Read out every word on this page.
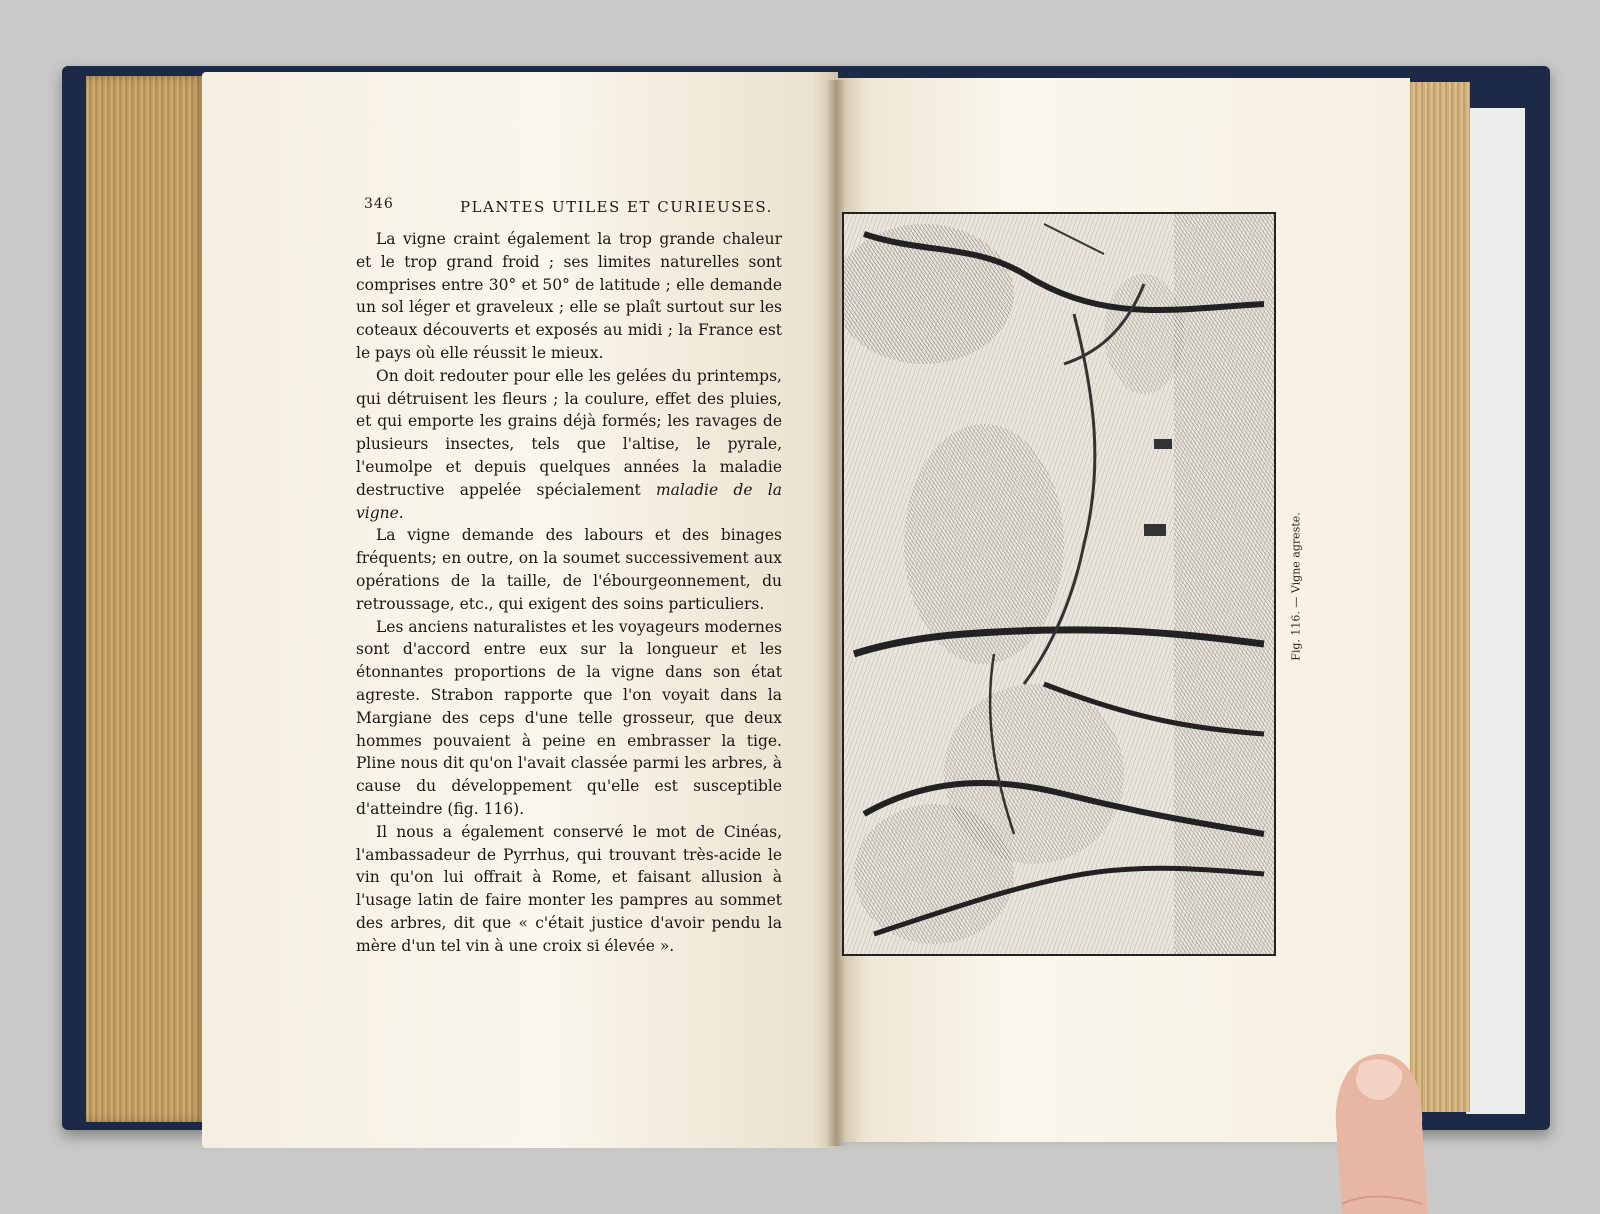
346	PLANTES UTILES ET CURIEUSES.

La vigne craint également la trop grande chaleur et le trop grand froid ; ses limites naturelles sont comprises entre 30° et 50° de latitude ; elle demande un sol léger et graveleux ; elle se plaît surtout sur les coteaux découverts et exposés au midi ; la France est le pays où elle réussit le mieux.

On doit redouter pour elle les gelées du printemps, qui détruisent les fleurs ; la coulure, effet des pluies, et qui emporte les grains déjà formés; les ravages de plusieurs insectes, tels que l'altise, le pyrale, l'eumolpe et depuis quelques années la maladie destructive appelée spécialement maladie de la vigne.

La vigne demande des labours et des binages fréquents; en outre, on la soumet successivement aux opérations de la taille, de l'ébourgeonnement, du retroussage, etc., qui exigent des soins particuliers.

Les anciens naturalistes et les voyageurs modernes sont d'accord entre eux sur la longueur et les étonnantes proportions de la vigne dans son état agreste. Strabon rapporte que l'on voyait dans la Margiane des ceps d'une telle grosseur, que deux hommes pouvaient à peine en embrasser la tige. Pline nous dit qu'on l'avait classée parmi les arbres, à cause du développement qu'elle est susceptible d'atteindre (fig. 116).

Il nous a également conservé le mot de Cinéas, l'ambassadeur de Pyrrhus, qui trouvant très-acide le vin qu'on lui offrait à Rome, et faisant allusion à l'usage latin de faire monter les pampres au sommet des arbres, dit que « c'était justice d'avoir pendu la mère d'un tel vin à une croix si élevée ».

Fig. 116. — Vigne agreste.
